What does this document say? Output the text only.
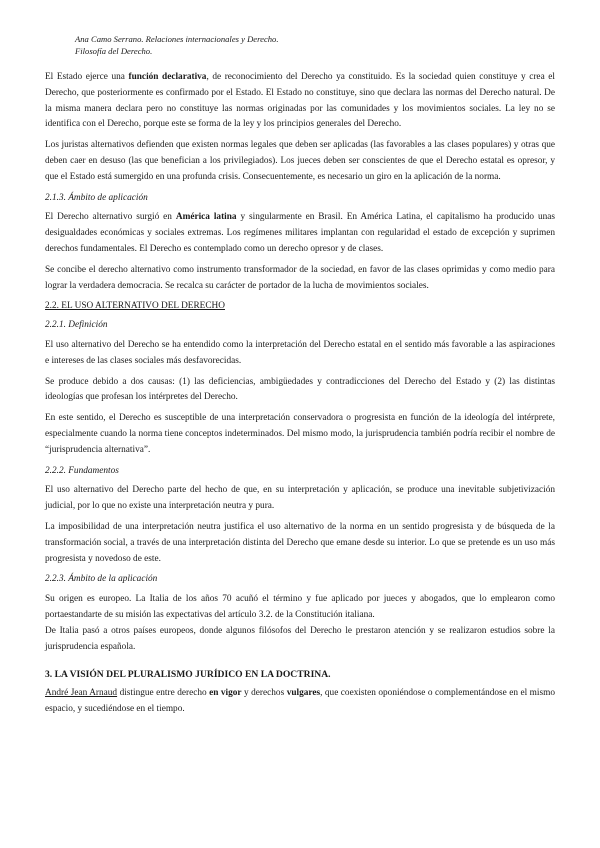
Ana Camo Serrano. Relaciones internacionales y Derecho.
Filosofía del Derecho.

El Estado ejerce una función declarativa, de reconocimiento del Derecho ya constituido. Es la sociedad quien constituye y crea el Derecho, que posteriormente es confirmado por el Estado. El Estado no constituye, sino que declara las normas del Derecho natural. De la misma manera declara pero no constituye las normas originadas por las comunidades y los movimientos sociales. La ley no se identifica con el Derecho, porque este se forma de la ley y los principios generales del Derecho.

Los juristas alternativos defienden que existen normas legales que deben ser aplicadas (las favorables a las clases populares) y otras que deben caer en desuso (las que benefician a los privilegiados). Los jueces deben ser conscientes de que el Derecho estatal es opresor, y que el Estado está sumergido en una profunda crisis. Consecuentemente, es necesario un giro en la aplicación de la norma.

2.1.3. Ámbito de aplicación

El Derecho alternativo surgió en América latina y singularmente en Brasil. En América Latina, el capitalismo ha producido unas desigualdades económicas y sociales extremas. Los regímenes militares implantan con regularidad el estado de excepción y suprimen derechos fundamentales. El Derecho es contemplado como un derecho opresor y de clases.

Se concibe el derecho alternativo como instrumento transformador de la sociedad, en favor de las clases oprimidas y como medio para lograr la verdadera democracia. Se recalca su carácter de portador de la lucha de movimientos sociales.

2.2. EL USO ALTERNATIVO DEL DERECHO
2.2.1. Definición

El uso alternativo del Derecho se ha entendido como la interpretación del Derecho estatal en el sentido más favorable a las aspiraciones e intereses de las clases sociales más desfavorecidas.

Se produce debido a dos causas: (1) las deficiencias, ambigüedades y contradicciones del Derecho del Estado y (2) las distintas ideologías que profesan los intérpretes del Derecho.

En este sentido, el Derecho es susceptible de una interpretación conservadora o progresista en función de la ideología del intérprete, especialmente cuando la norma tiene conceptos indeterminados. Del mismo modo, la jurisprudencia también podría recibir el nombre de “jurisprudencia alternativa”.

2.2.2. Fundamentos

El uso alternativo del Derecho parte del hecho de que, en su interpretación y aplicación, se produce una inevitable subjetivización judicial, por lo que no existe una interpretación neutra y pura.

La imposibilidad de una interpretación neutra justifica el uso alternativo de la norma en un sentido progresista y de búsqueda de la transformación social, a través de una interpretación distinta del Derecho que emane desde su interior. Lo que se pretende es un uso más progresista y novedoso de este.

2.2.3. Ámbito de la aplicación

Su origen es europeo. La Italia de los años 70 acuñó el término y fue aplicado por jueces y abogados, que lo emplearon como portaestandarte de su misión las expectativas del artículo 3.2. de la Constitución italiana.
De Italia pasó a otros países europeos, donde algunos filósofos del Derecho le prestaron atención y se realizaron estudios sobre la jurisprudencia española.

3. LA VISIÓN DEL PLURALISMO JURÍDICO EN LA DOCTRINA.

André Jean Arnaud distingue entre derecho en vigor y derechos vulgares, que coexisten oponiéndose o complementándose en el mismo espacio, y sucediéndose en el tiempo.
